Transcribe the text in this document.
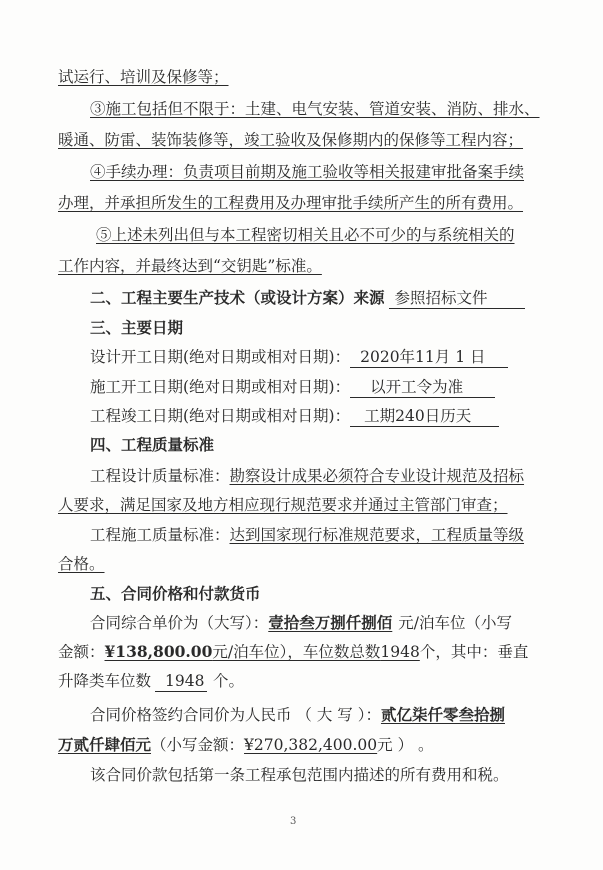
试运行、培训及保修等；
③施工包括但不限于：土建、电气安装、管道安装、消防、排水、
暖通、防雷、装饰装修等，竣工验收及保修期内的保修等工程内容；
④手续办理：负责项目前期及施工验收等相关报建审批备案手续
办理，并承担所发生的工程费用及办理审批手续所产生的所有费用。
⑤上述未列出但与本工程密切相关且必不可少的与系统相关的
工作内容，并最终达到“交钥匙”标准。
二、工程主要生产技术（或设计方案）来源 参照招标文件
三、主要日期
设计开工日期(绝对日期或相对日期)： 2020年11月 1 日
施工开工日期(绝对日期或相对日期)： 以开工令为准
工程竣工日期(绝对日期或相对日期)： 工期240日历天
四、工程质量标准
工程设计质量标准：勘察设计成果必须符合专业设计规范及招标
人要求，满足国家及地方相应现行规范要求并通过主管部门审查；
工程施工质量标准：达到国家现行标准规范要求，工程质量等级
合格。
五、合同价格和付款货币
合同综合单价为（大写）：壹拾叁万捌仟捌佰 元/泊车位（小写
金额：¥138,800.00元/泊车位），车位数总数1948个，其中：垂直
升降类车位数 1948 个。
合同价格签约合同价为人民币 （ 大 写 ）：贰亿柒仟零叁拾捌
万贰仟肆佰元（小写金额：¥270,382,400.00元 ） 。
该合同价款包括第一条工程承包范围内描述的所有费用和税。
3
